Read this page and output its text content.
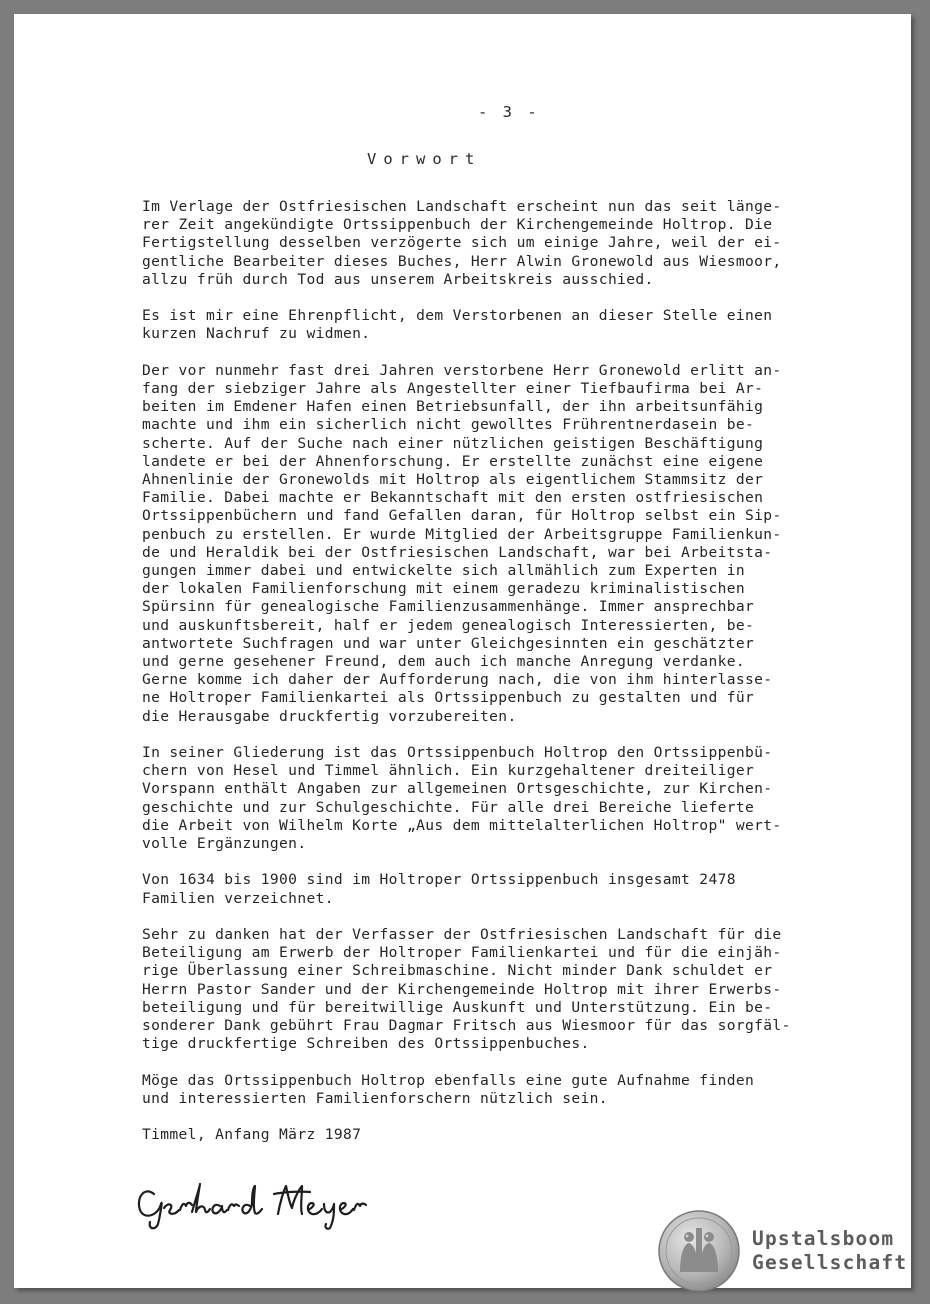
- 3 -
Vorwort
Im Verlage der Ostfriesischen Landschaft erscheint nun das seit länge-
rer Zeit angekündigte Ortssippenbuch der Kirchengemeinde Holtrop. Die
Fertigstellung desselben verzögerte sich um einige Jahre, weil der ei-
gentliche Bearbeiter dieses Buches, Herr Alwin Gronewold aus Wiesmoor,
allzu früh durch Tod aus unserem Arbeitskreis ausschied.
Es ist mir eine Ehrenpflicht, dem Verstorbenen an dieser Stelle einen
kurzen Nachruf zu widmen.
Der vor nunmehr fast drei Jahren verstorbene Herr Gronewold erlitt an-
fang der siebziger Jahre als Angestellter einer Tiefbaufirma bei Ar-
beiten im Emdener Hafen einen Betriebsunfall, der ihn arbeitsunfähig
machte und ihm ein sicherlich nicht gewolltes Frührentnerdasein be-
scherte. Auf der Suche nach einer nützlichen geistigen Beschäftigung
landete er bei der Ahnenforschung. Er erstellte zunächst eine eigene
Ahnenlinie der Gronewolds mit Holtrop als eigentlichem Stammsitz der
Familie. Dabei machte er Bekanntschaft mit den ersten ostfriesischen
Ortssippenbüchern und fand Gefallen daran, für Holtrop selbst ein Sip-
penbuch zu erstellen. Er wurde Mitglied der Arbeitsgruppe Familienkun-
de und Heraldik bei der Ostfriesischen Landschaft, war bei Arbeitsta-
gungen immer dabei und entwickelte sich allmählich zum Experten in
der lokalen Familienforschung mit einem geradezu kriminalistischen
Spürsinn für genealogische Familienzusammenhänge. Immer ansprechbar
und auskunftsbereit, half er jedem genealogisch Interessierten, be-
antwortete Suchfragen und war unter Gleichgesinnten ein geschätzter
und gerne gesehener Freund, dem auch ich manche Anregung verdanke.
Gerne komme ich daher der Aufforderung nach, die von ihm hinterlasse-
ne Holtroper Familienkartei als Ortssippenbuch zu gestalten und für
die Herausgabe druckfertig vorzubereiten.
In seiner Gliederung ist das Ortssippenbuch Holtrop den Ortssippenbü-
chern von Hesel und Timmel ähnlich. Ein kurzgehaltener dreiteiliger
Vorspann enthält Angaben zur allgemeinen Ortsgeschichte, zur Kirchen-
geschichte und zur Schulgeschichte. Für alle drei Bereiche lieferte
die Arbeit von Wilhelm Korte „Aus dem mittelalterlichen Holtrop" wert-
volle Ergänzungen.
Von 1634 bis 1900 sind im Holtroper Ortssippenbuch insgesamt 2478
Familien verzeichnet.
Sehr zu danken hat der Verfasser der Ostfriesischen Landschaft für die
Beteiligung am Erwerb der Holtroper Familienkartei und für die einjäh-
rige Überlassung einer Schreibmaschine. Nicht minder Dank schuldet er
Herrn Pastor Sander und der Kirchengemeinde Holtrop mit ihrer Erwerbs-
beteiligung und für bereitwillige Auskunft und Unterstützung. Ein be-
sonderer Dank gebührt Frau Dagmar Fritsch aus Wiesmoor für das sorgfäl-
tige druckfertige Schreiben des Ortssippenbuches.
Möge das Ortssippenbuch Holtrop ebenfalls eine gute Aufnahme finden
und interessierten Familienforschern nützlich sein.
Timmel, Anfang März 1987
Upstalsboom
Gesellschaft
